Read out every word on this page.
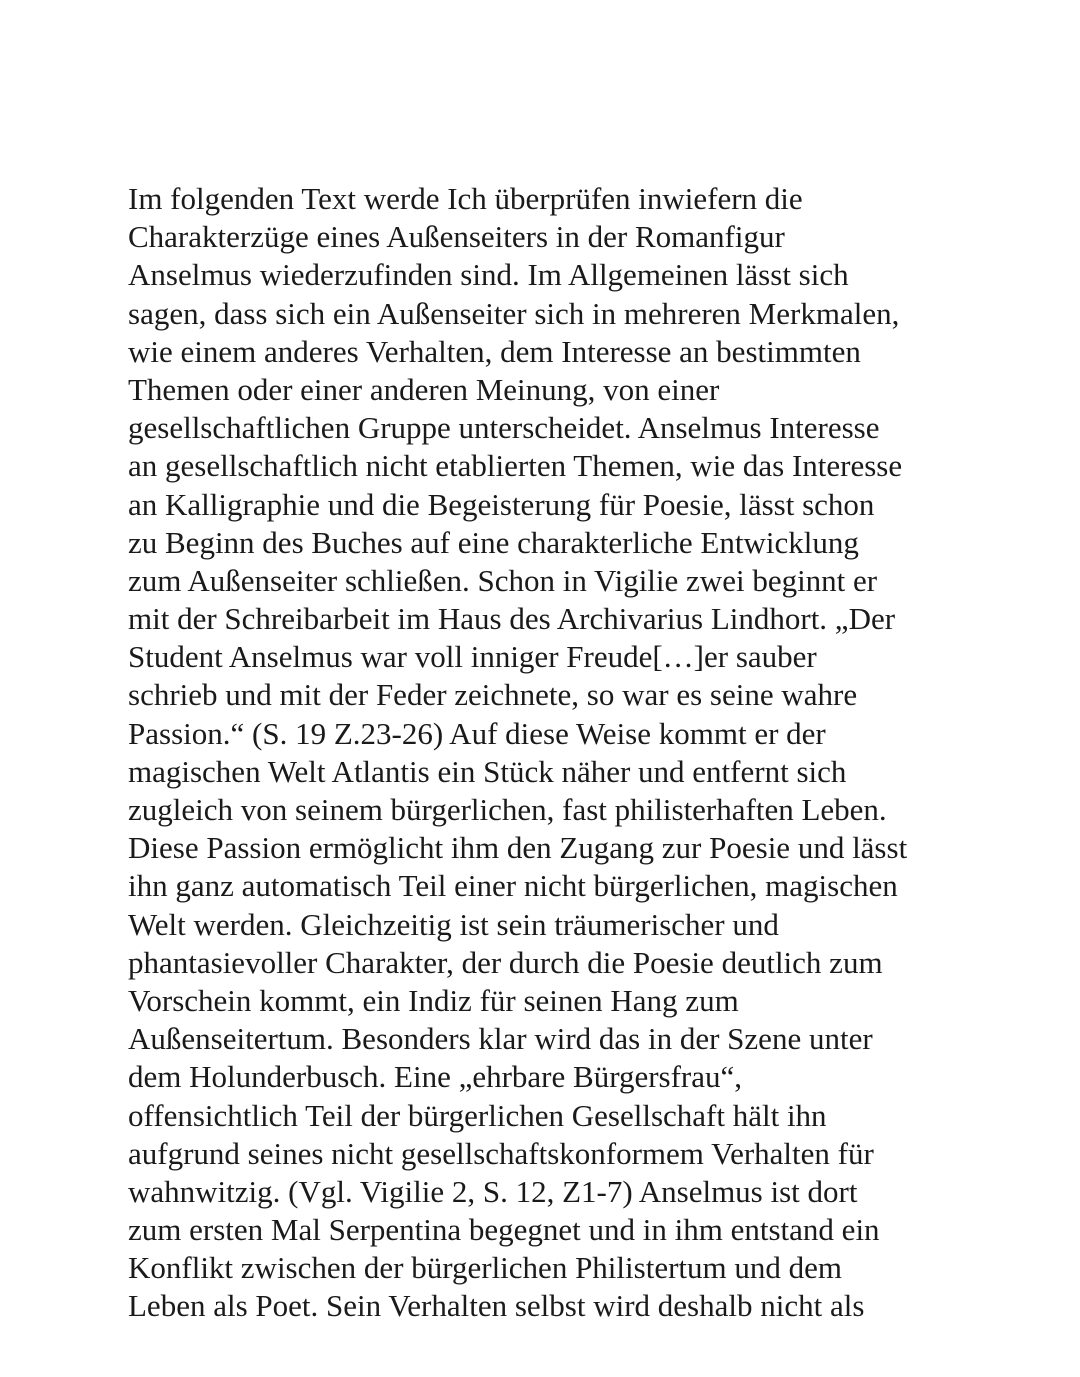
Im folgenden Text werde Ich überprüfen inwiefern die
Charakterzüge eines Außenseiters in der Romanfigur
Anselmus wiederzufinden sind. Im Allgemeinen lässt sich
sagen, dass sich ein Außenseiter sich in mehreren Merkmalen,
wie einem anderes Verhalten, dem Interesse an bestimmten
Themen oder einer anderen Meinung, von einer
gesellschaftlichen Gruppe unterscheidet. Anselmus Interesse
an gesellschaftlich nicht etablierten Themen, wie das Interesse
an Kalligraphie und die Begeisterung für Poesie, lässt schon
zu Beginn des Buches auf eine charakterliche Entwicklung
zum Außenseiter schließen. Schon in Vigilie zwei beginnt er
mit der Schreibarbeit im Haus des Archivarius Lindhort. „Der
Student Anselmus war voll inniger Freude[…]er sauber
schrieb und mit der Feder zeichnete, so war es seine wahre
Passion.“ (S. 19 Z.23-26) Auf diese Weise kommt er der
magischen Welt Atlantis ein Stück näher und entfernt sich
zugleich von seinem bürgerlichen, fast philisterhaften Leben.
Diese Passion ermöglicht ihm den Zugang zur Poesie und lässt
ihn ganz automatisch Teil einer nicht bürgerlichen, magischen
Welt werden. Gleichzeitig ist sein träumerischer und
phantasievoller Charakter, der durch die Poesie deutlich zum
Vorschein kommt, ein Indiz für seinen Hang zum
Außenseitertum. Besonders klar wird das in der Szene unter
dem Holunderbusch. Eine „ehrbare Bürgersfrau“,
offensichtlich Teil der bürgerlichen Gesellschaft hält ihn
aufgrund seines nicht gesellschaftskonformem Verhalten für
wahnwitzig. (Vgl. Vigilie 2, S. 12, Z1-7) Anselmus ist dort
zum ersten Mal Serpentina begegnet und in ihm entstand ein
Konflikt zwischen der bürgerlichen Philistertum und dem
Leben als Poet. Sein Verhalten selbst wird deshalb nicht als
